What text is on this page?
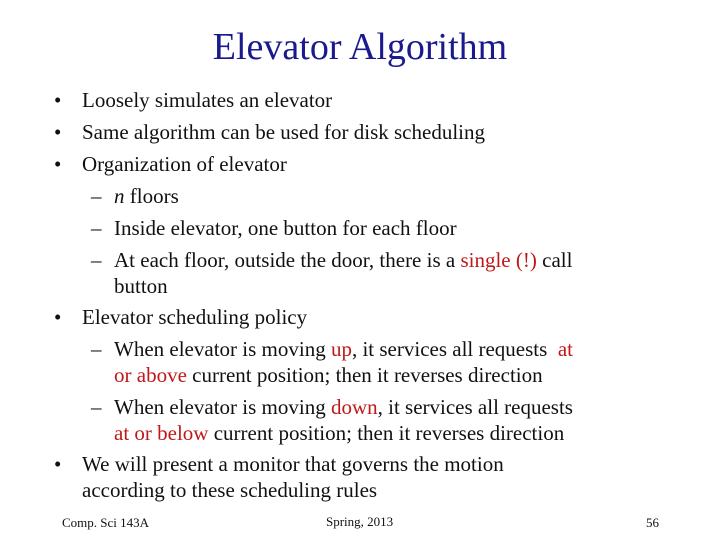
Elevator Algorithm
• Loosely simulates an elevator
• Same algorithm can be used for disk scheduling
• Organization of elevator
– n floors
– Inside elevator, one button for each floor
– At each floor, outside the door, there is a single (!) call
button
• Elevator scheduling policy
– When elevator is moving up, it services all requests  at
or above current position; then it reverses direction
– When elevator is moving down, it services all requests
at or below current position; then it reverses direction
• We will present a monitor that governs the motion
according to these scheduling rules
Comp. Sci 143A	Spring, 2013	56
